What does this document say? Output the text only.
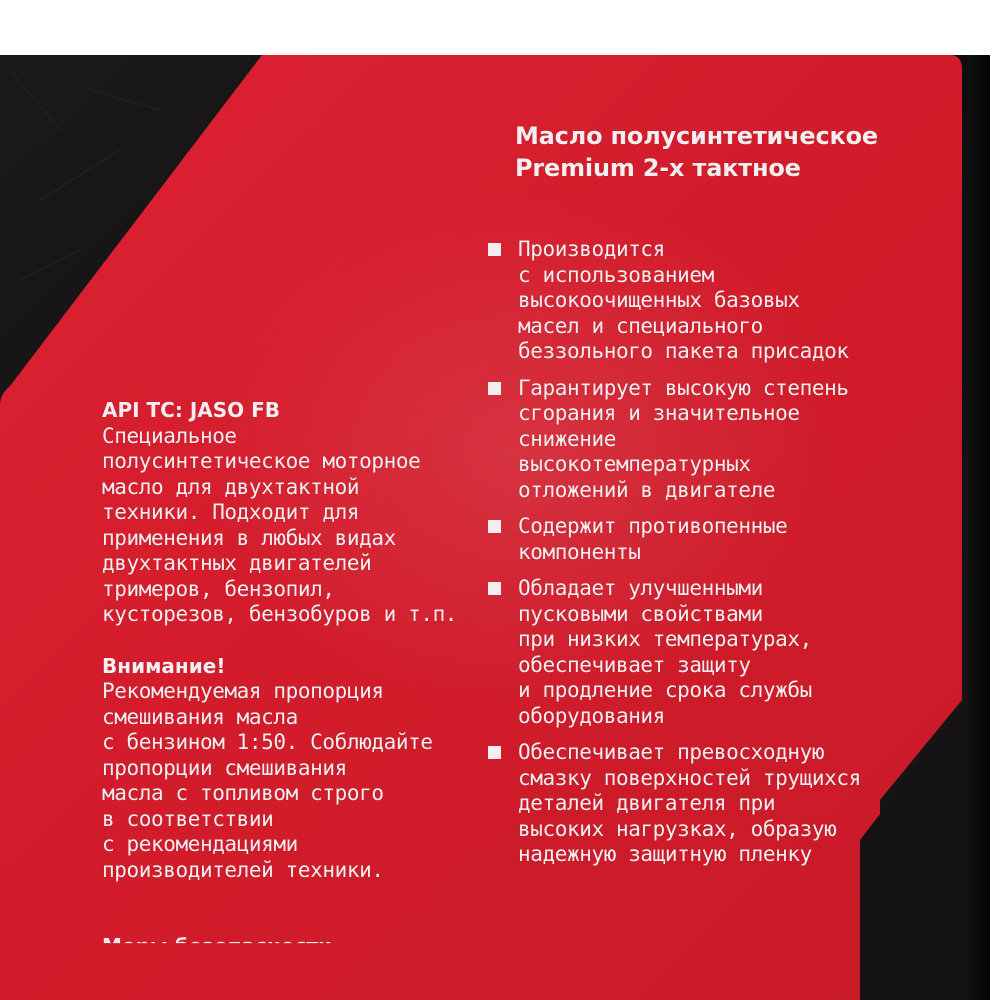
Масло полусинтетическое
Premium 2-х тактное
Производится
с использованием
высокоочищенных базовых
масел и специального
беззольного пакета присадок
Гарантирует высокую степень
сгорания и значительное
снижение
высокотемпературных
отложений в двигателе
Содержит противопенные
компоненты
Обладает улучшенными
пусковыми свойствами
при низких температурах,
обеспечивает защиту
и продление срока службы
оборудования
Обеспечивает превосходную
смазку поверхностей трущихся
деталей двигателя при
высоких нагрузках, образую
надежную защитную пленку
API TC: JASO FB
Специальное
полусинтетическое моторное
масло для двухтактной
техники. Подходит для
применения в любых видах
двухтактных двигателей
тримеров, бензопил,
кусторезов, бензобуров и т.п.
Внимание!
Рекомендуемая пропорция
смешивания масла
с бензином 1:50. Соблюдайте
пропорции смешивания
масла с топливом строго
в соответствии
с рекомендациями
производителей техники.
